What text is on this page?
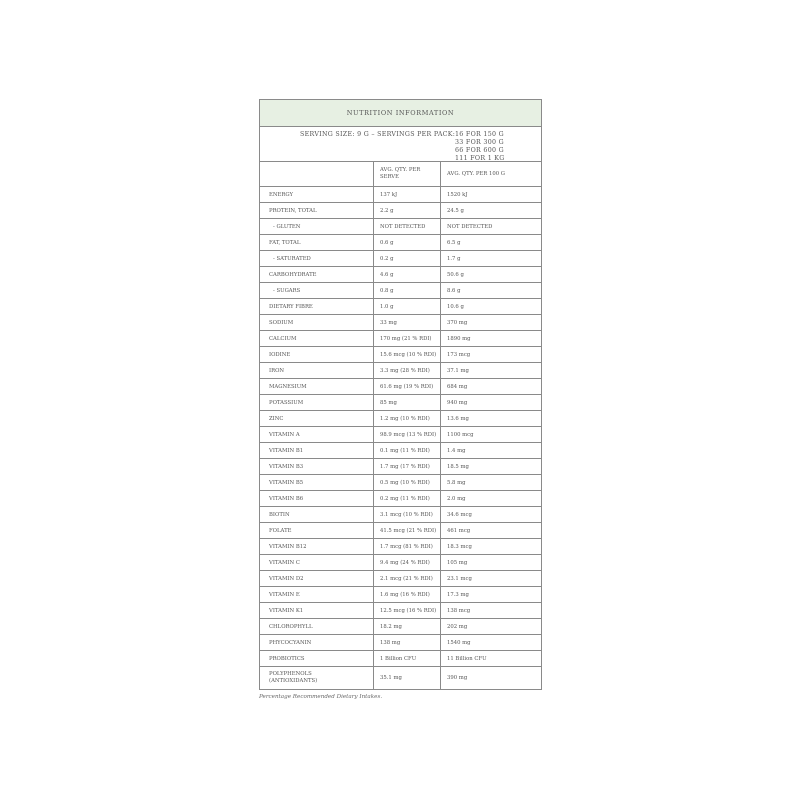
NUTRITION INFORMATION
SERVING SIZE: 9 G – SERVINGS PER PACK: 16 FOR 150 G
33 FOR 300 G
66 FOR 600 G
111 FOR 1 KG
	AVG. QTY. PER SERVE	AVG. QTY. PER 100 G
ENERGY	137 kJ	1520 kJ
PROTEIN, TOTAL	2.2 g	24.5 g
- GLUTEN	NOT DETECTED	NOT DETECTED
FAT, TOTAL	0.6 g	6.5 g
- SATURATED	0.2 g	1.7 g
CARBOHYDRATE	4.6 g	50.6 g
- SUGARS	0.8 g	8.6 g
DIETARY FIBRE	1.0 g	10.6 g
SODIUM	33 mg	370 mg
CALCIUM	170 mg (21 % RDI)	1890 mg
IODINE	15.6 mcg (10 % RDI)	173 mcg
IRON	3.3 mg (28 % RDI)	37.1 mg
MAGNESIUM	61.6 mg (19 % RDI)	684 mg
POTASSIUM	85 mg	940 mg
ZINC	1.2 mg (10 % RDI)	13.6 mg
VITAMIN A	98.9 mcg (13 % RDI)	1100 mcg
VITAMIN B1	0.1 mg (11 % RDI)	1.4 mg
VITAMIN B3	1.7 mg (17 % RDI)	18.5 mg
VITAMIN B5	0.5 mg (10 % RDI)	5.8 mg
VITAMIN B6	0.2 mg (11 % RDI)	2.0 mg
BIOTIN	3.1 mcg (10 % RDI)	34.6 mcg
FOLATE	41.5 mcg (21 % RDI)	461 mcg
VITAMIN B12	1.7 mcg (81 % RDI)	18.3 mcg
VITAMIN C	9.4 mg (24 % RDI)	105 mg
VITAMIN D2	2.1 mcg (21 % RDI)	23.1 mcg
VITAMIN E	1.6 mg (16 % RDI)	17.3 mg
VITAMIN K1	12.5 mcg (16 % RDI)	138 mcg
CHLOROPHYLL	18.2 mg	202 mg
PHYCOCYANIN	138 mg	1540 mg
PROBIOTICS	1 Billion CFU	11 Billion CFU
POLYPHENOLS (ANTIOXIDANTS)	35.1 mg	390 mg
Percentage Recommended Dietary Intakes.
